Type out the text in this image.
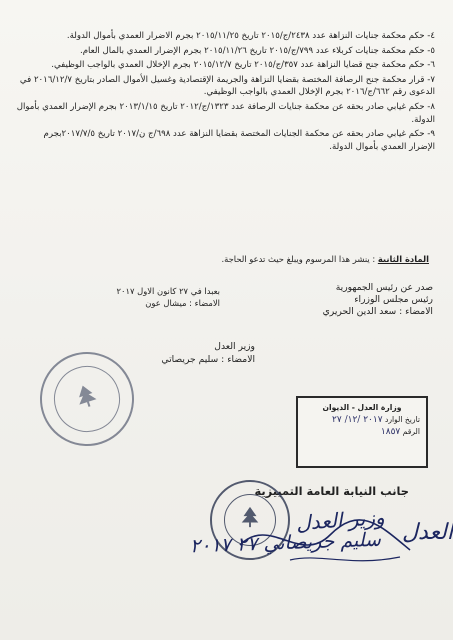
٤- حكم محكمة جنايات النزاهة عدد ٢٤٣٨/ج/٢٠١٥ تاريخ ٢٠١٥/١١/٢٥ بجرم الاضرار العمدي بأموال الدولة.
٥- حكم محكمة جنايات كربلاء عدد ٧٩٩/ج/٢٠١٥ تاريخ ٢٠١٥/١١/٢٦ بجرم الإضرار العمدي بالمال العام.
٦- حكم محكمة جنح قضايا النزاهة عدد ٣٥٧/ج/٢٠١٥ تاريخ ٢٠١٥/١٢/٧ بجرم الإخلال العمدي بالواجب الوظيفي.
٧- قرار محكمة جنح الرصافة المختصة بقضايا النزاهة والجريمة الإقتصادية وغسيل الأموال الصادر بتاريخ ٢٠١٦/١٢/٧ في الدعوى رقم ٦٦٢/ج/٢٠١٦ بجرم الإخلال العمدي بالواجب الوظيفي.
٨- حكم غيابي صادر بحقه عن محكمة جنايات الرصافة عدد ١٣٢٣/ج/٢٠١٢ تاريخ ٢٠١٣/١/١٥ بجرم الإضرار العمدي بأموال الدولة.
٩- حكم غيابي صادر بحقه عن محكمة الجنايات المختصة بقضايا النزاهة عدد ٦٩٨/ج ن/٢٠١٧ تاريخ ٢٠١٧/٧/٥بجرم الإضرار العمدي بأموال الدولة.
المادة الثانية : ينشر هذا المرسوم ويبلغ حيث تدعو الحاجة.
صدر عن رئيس الجمهورية
رئيس مجلس الوزراء
الامضاء : سعد الدين الحريري
بعبدا في ٢٧ كانون الاول ٢٠١٧
الامضاء : ميشال عون
وزير العدل
الامضاء : سليم جريصاتي
وزارة العدل - الديوان
تاريخ الوارد ٢٠١٧ /١٢/ ٢٧
الرقم ١٨٥٧
جانب النيابة العامة التمييزية
وزير العدل العدل
سليم جريصاتي ٢٧ ٢٠١٧
